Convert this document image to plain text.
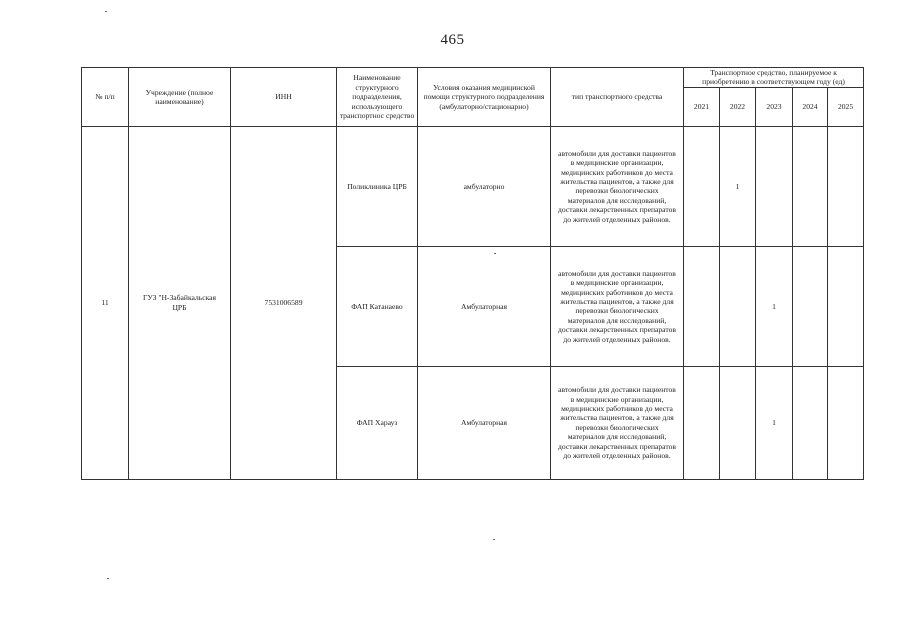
465
№ п/п	Учреждение (полное наименование)	ИНН	Наименование структурного подразделения, использующего транспортнос средство	Условия оказания медицинской помощи структурного подразделения (амбулаторно/стационарно)	тип транспортного средства	Транспортное средство, планируемое к приобретению в соответствующем году (ед)				
						2021	2022	2023	2024	2025
11	ГУЗ "Н-Забайкальская ЦРБ	7531006589	Поликлиника ЦРБ	амбулаторно	автомобили для доставки пациентов в медицинские организации, медицинских работников до места жительства пациентов, а также для перевозки биологических материалов для исследований, доставки лекарственных препаратов до жителей отделенных районов.		1			
			ФАП Катанаево	Амбулаторная	автомобили для доставки пациентов в медицинские организации, медицинских работников до места жительства пациентов, а также для перевозки биологических материалов для исследований, доставки лекарственных препаратов до жителей отделенных районов.			1		
			ФАП Харауз	Амбулаторная	автомобили для доставки пациентов в медицинские организации, медицинских работников до места жительства пациентов, а также для перевозки биологических материалов для исследований, доставки лекарственных препаратов до жителей отделенных районов.			1		
